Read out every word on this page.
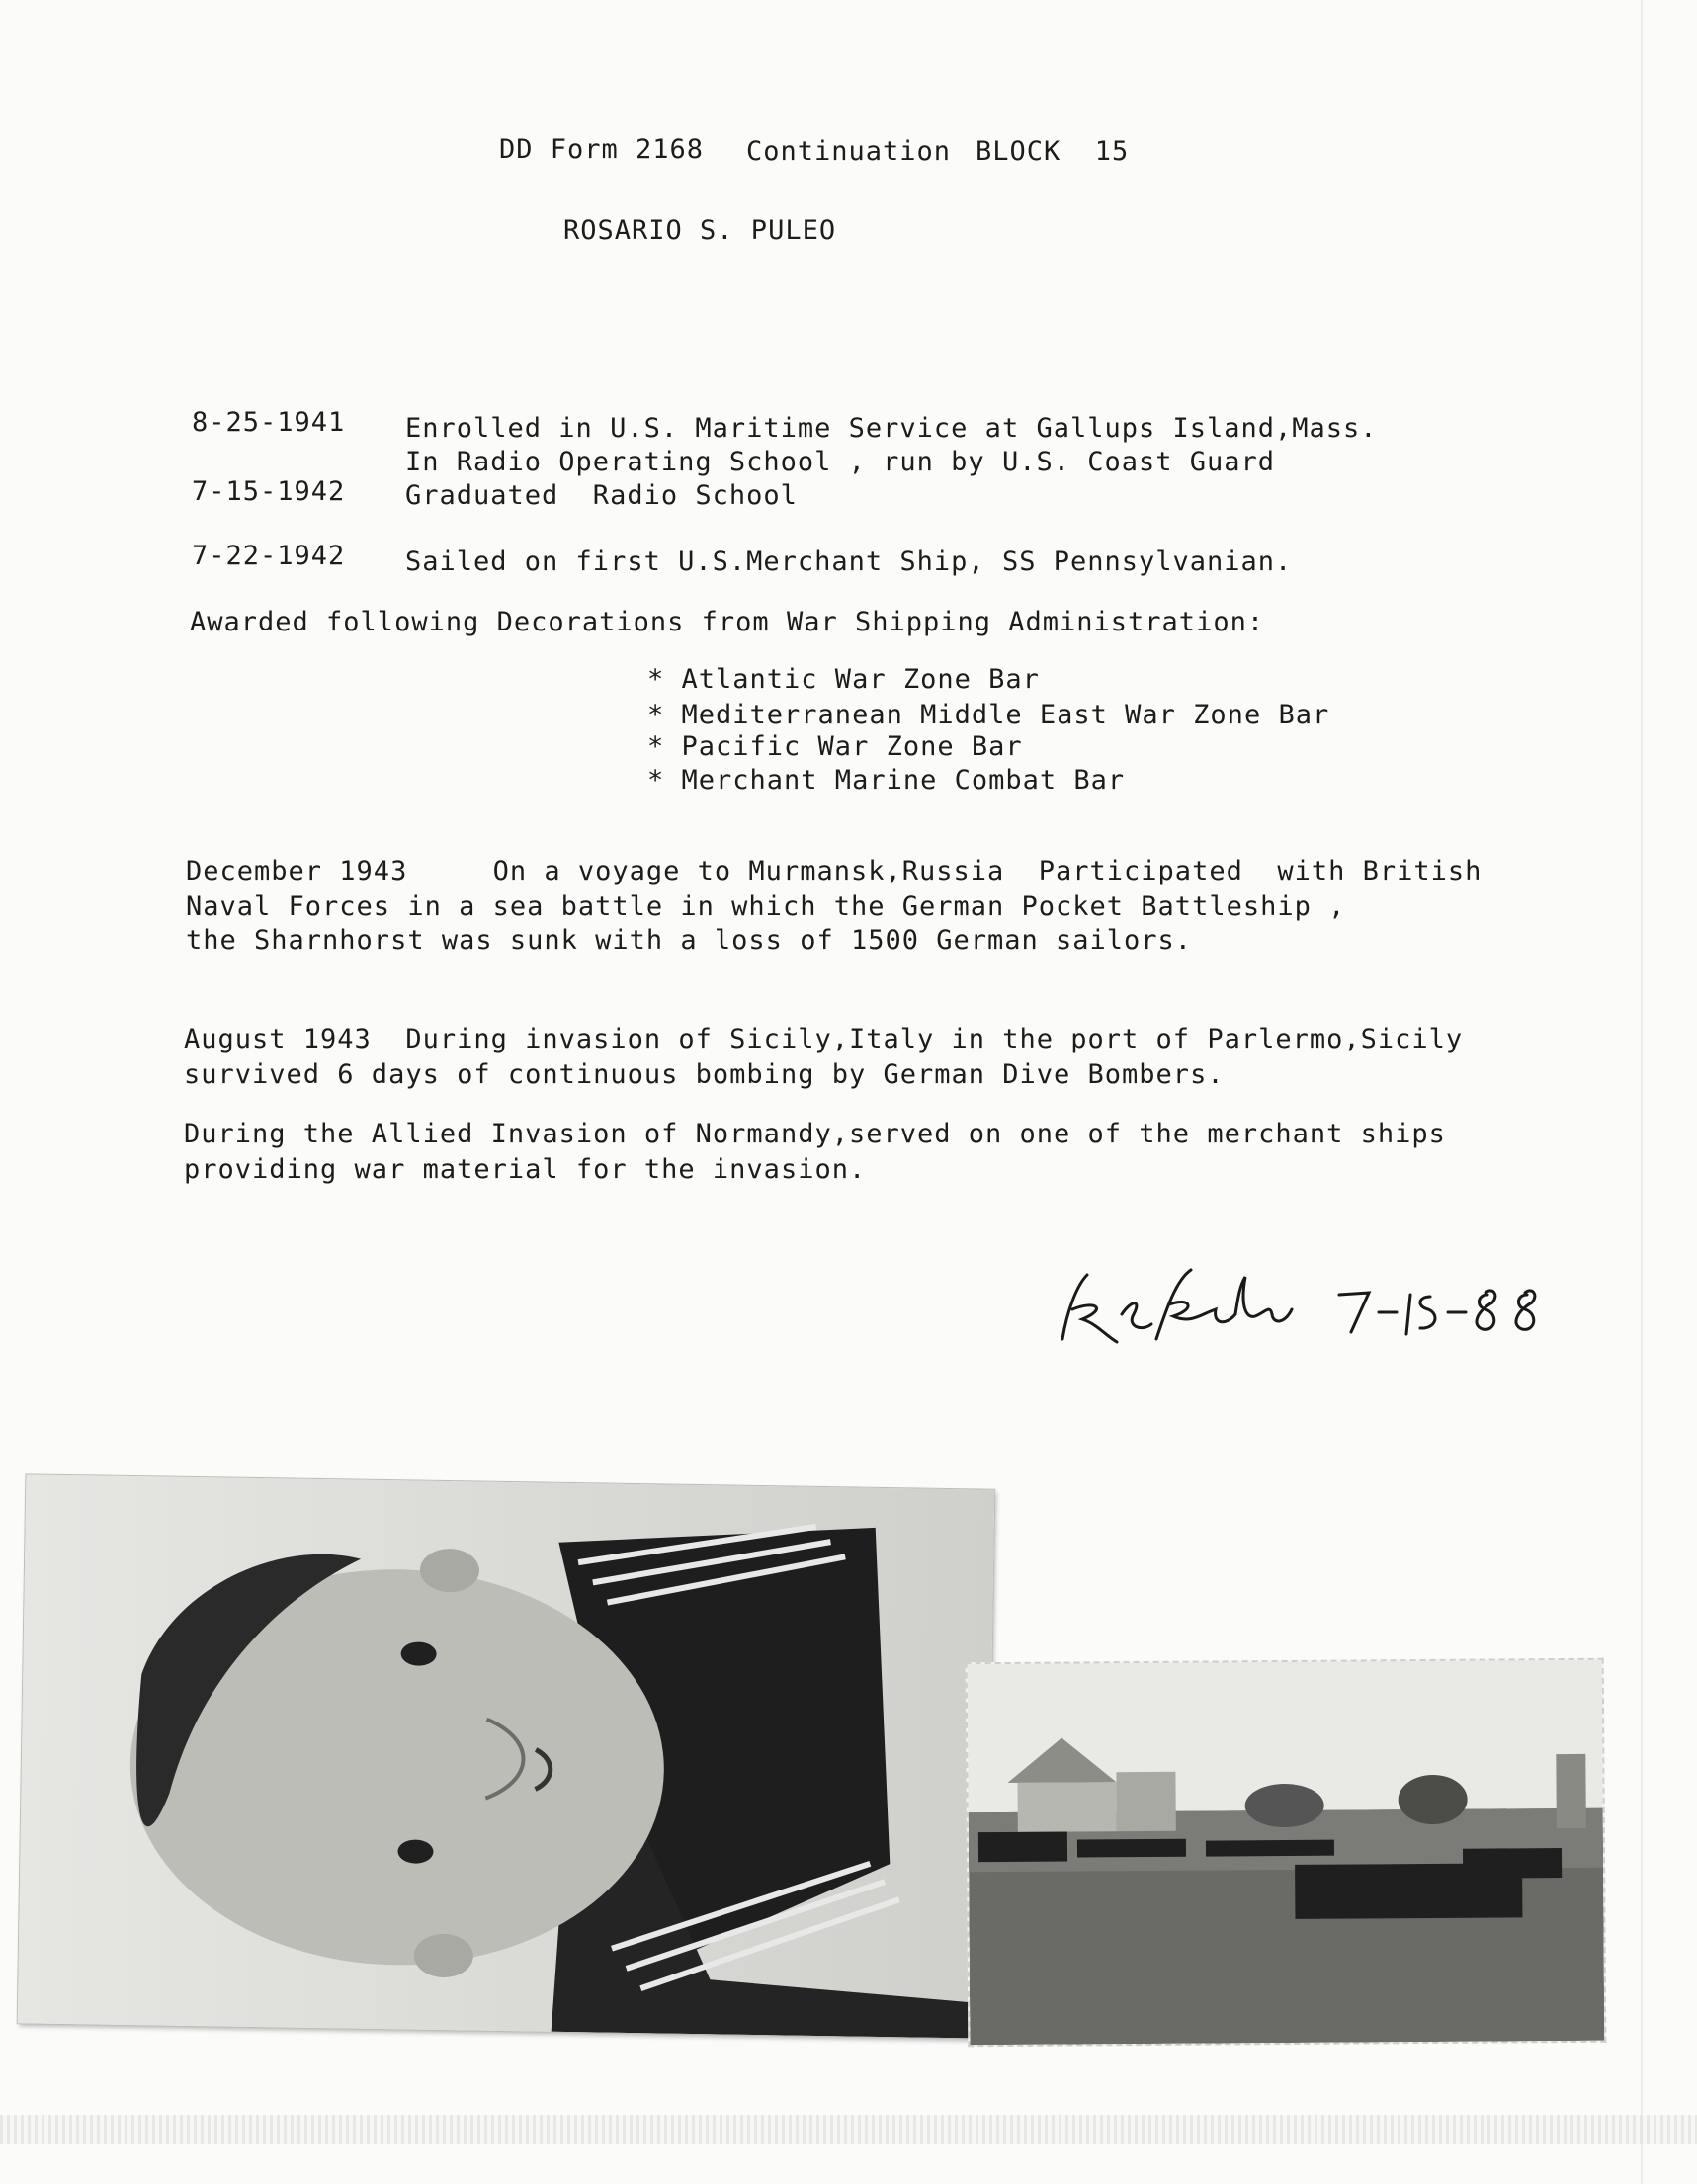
DD Form 2168 Continuation BLOCK  15
ROSARIO S. PULEO
8-25-1941 Enrolled in U.S. Maritime Service at Gallups Island,Mass.
In Radio Operating School , run by U.S. Coast Guard
7-15-1942 Graduated  Radio School
7-22-1942 Sailed on first U.S.Merchant Ship, SS Pennsylvanian.
Awarded following Decorations from War Shipping Administration:
* Atlantic War Zone Bar
* Mediterranean Middle East War Zone Bar
* Pacific War Zone Bar
* Merchant Marine Combat Bar
December 1943     On a voyage to Murmansk,Russia  Participated  with British
Naval Forces in a sea battle in which the German Pocket Battleship ,
the Sharnhorst was sunk with a loss of 1500 German sailors.
August 1943  During invasion of Sicily,Italy in the port of Parlermo,Sicily
survived 6 days of continuous bombing by German Dive Bombers.
During the Allied Invasion of Normandy,served on one of the merchant ships
providing war material for the invasion.
